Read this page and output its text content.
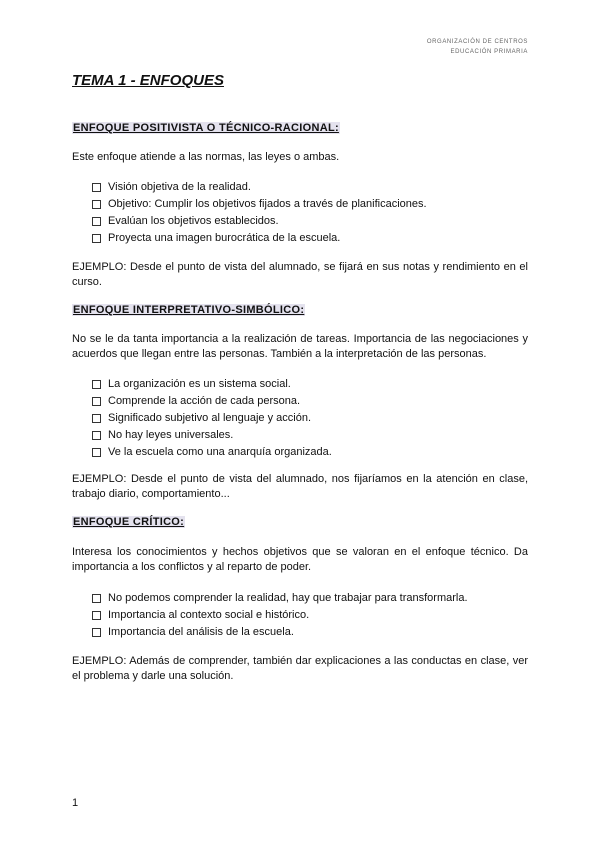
ORGANIZACIÓN DE CENTROS
EDUCACIÓN PRIMARIA
TEMA 1 - ENFOQUES
ENFOQUE POSITIVISTA O TÉCNICO-RACIONAL:

Este enfoque atiende a las normas, las leyes o ambas.

Visión objetiva de la realidad.
Objetivo: Cumplir los objetivos fijados a través de planificaciones.
Evalúan los objetivos establecidos.
Proyecta una imagen burocrática de la escuela.

EJEMPLO: Desde el punto de vista del alumnado, se fijará en sus notas y rendimiento en el curso.

ENFOQUE INTERPRETATIVO-SIMBÓLICO:

No se le da tanta importancia a la realización de tareas. Importancia de las negociaciones y acuerdos que llegan entre las personas. También a la interpretación de las personas.

La organización es un sistema social.
Comprende la acción de cada persona.
Significado subjetivo al lenguaje y acción.
No hay leyes universales.
Ve la escuela como una anarquía organizada.

EJEMPLO: Desde el punto de vista del alumnado, nos fijaríamos en la atención en clase, trabajo diario, comportamiento...

ENFOQUE CRÍTICO:

Interesa los conocimientos y hechos objetivos que se valoran en el enfoque técnico. Da importancia a los conflictos y al reparto de poder.

No podemos comprender la realidad, hay que trabajar para transformarla.
Importancia al contexto social e histórico.
Importancia del análisis de la escuela.

EJEMPLO: Además de comprender, también dar explicaciones a las conductas en clase, ver el problema y darle una solución.

1
